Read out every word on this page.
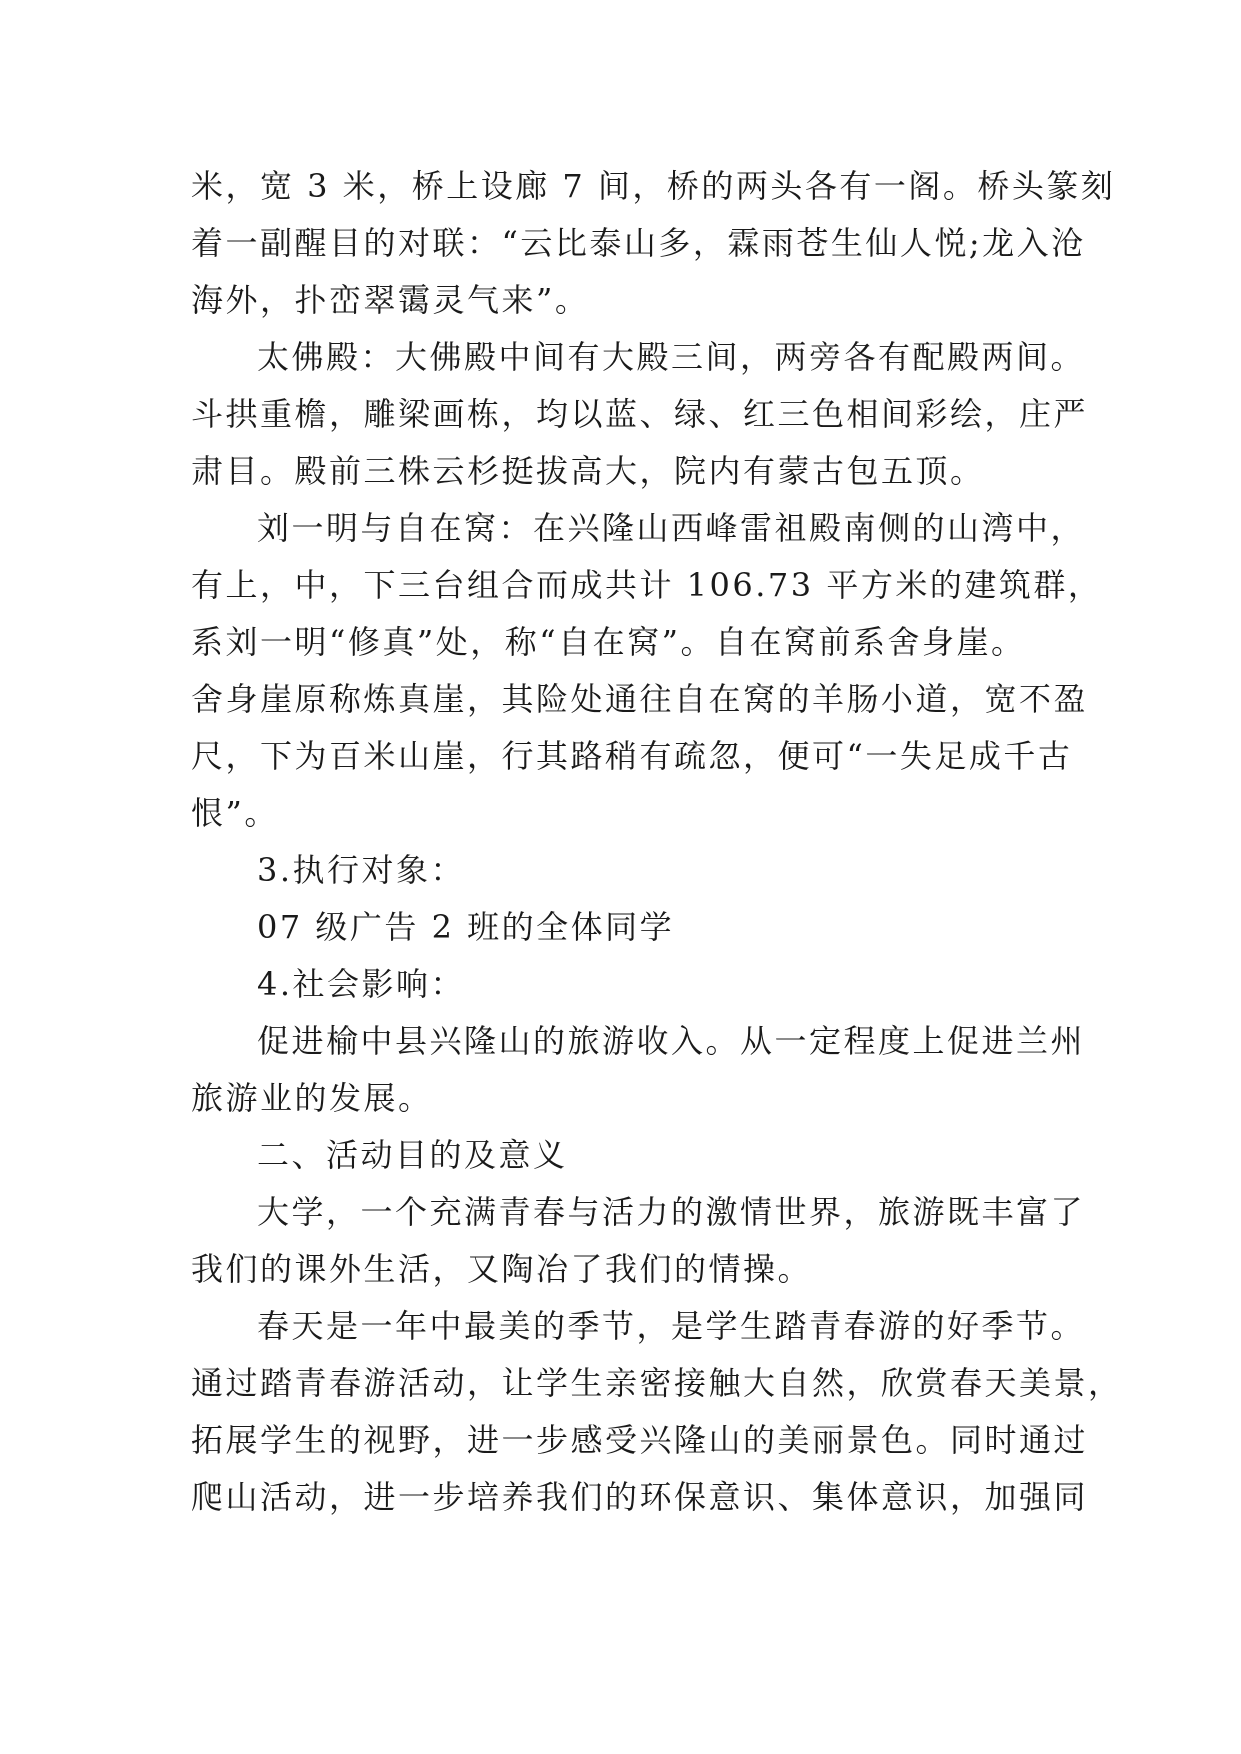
米，宽 3 米，桥上设廊 7 间，桥的两头各有一阁。桥头篆刻
着一副醒目的对联：“云比泰山多，霖雨苍生仙人悦;龙入沧
海外，扑峦翠霭灵气来”。
太佛殿：大佛殿中间有大殿三间，两旁各有配殿两间。
斗拱重檐，雕梁画栋，均以蓝、绿、红三色相间彩绘，庄严
肃目。殿前三株云杉挺拔高大，院内有蒙古包五顶。
刘一明与自在窝：在兴隆山西峰雷祖殿南侧的山湾中，
有上，中，下三台组合而成共计 106.73 平方米的建筑群，
系刘一明“修真”处，称“自在窝”。自在窝前系舍身崖。
舍身崖原称炼真崖，其险处通往自在窝的羊肠小道，宽不盈
尺，下为百米山崖，行其路稍有疏忽，便可“一失足成千古
恨”。
3.执行对象：
07 级广告 2 班的全体同学
4.社会影响：
促进榆中县兴隆山的旅游收入。从一定程度上促进兰州
旅游业的发展。
二、活动目的及意义
大学，一个充满青春与活力的激情世界，旅游既丰富了
我们的课外生活，又陶冶了我们的情操。
春天是一年中最美的季节，是学生踏青春游的好季节。
通过踏青春游活动，让学生亲密接触大自然，欣赏春天美景，
拓展学生的视野，进一步感受兴隆山的美丽景色。同时通过
爬山活动，进一步培养我们的环保意识、集体意识，加强同
